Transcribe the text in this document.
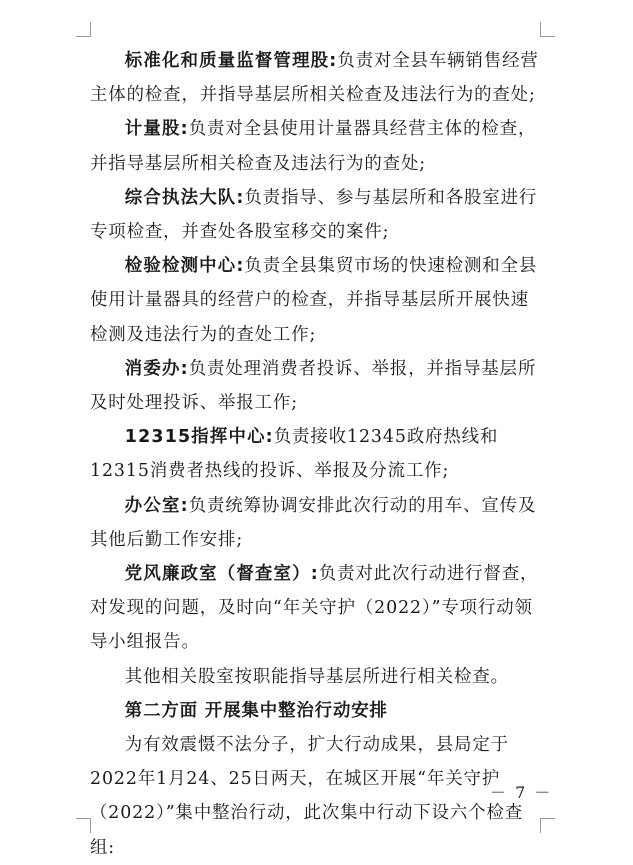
标准化和质量监督管理股:负责对全县车辆销售经营主体的检查，并指导基层所相关检查及违法行为的查处;

计量股:负责对全县使用计量器具经营主体的检查，并指导基层所相关检查及违法行为的查处;

综合执法大队:负责指导、参与基层所和各股室进行专项检查，并查处各股室移交的案件;

检验检测中心:负责全县集贸市场的快速检测和全县使用计量器具的经营户的检查，并指导基层所开展快速检测及违法行为的查处工作;

消委办:负责处理消费者投诉、举报，并指导基层所及时处理投诉、举报工作;

12315指挥中心:负责接收12345政府热线和12315消费者热线的投诉、举报及分流工作;

办公室:负责统筹协调安排此次行动的用车、宣传及其他后勤工作安排;

党风廉政室（督查室）:负责对此次行动进行督查，对发现的问题，及时向“年关守护（2022）”专项行动领导小组报告。

其他相关股室按职能指导基层所进行相关检查。

第二方面 开展集中整治行动安排

为有效震慑不法分子，扩大行动成果，县局定于2022年1月24、25日两天，在城区开展“年关守护（2022）”集中整治行动，此次集中行动下设六个检查组:

－ 7 －
